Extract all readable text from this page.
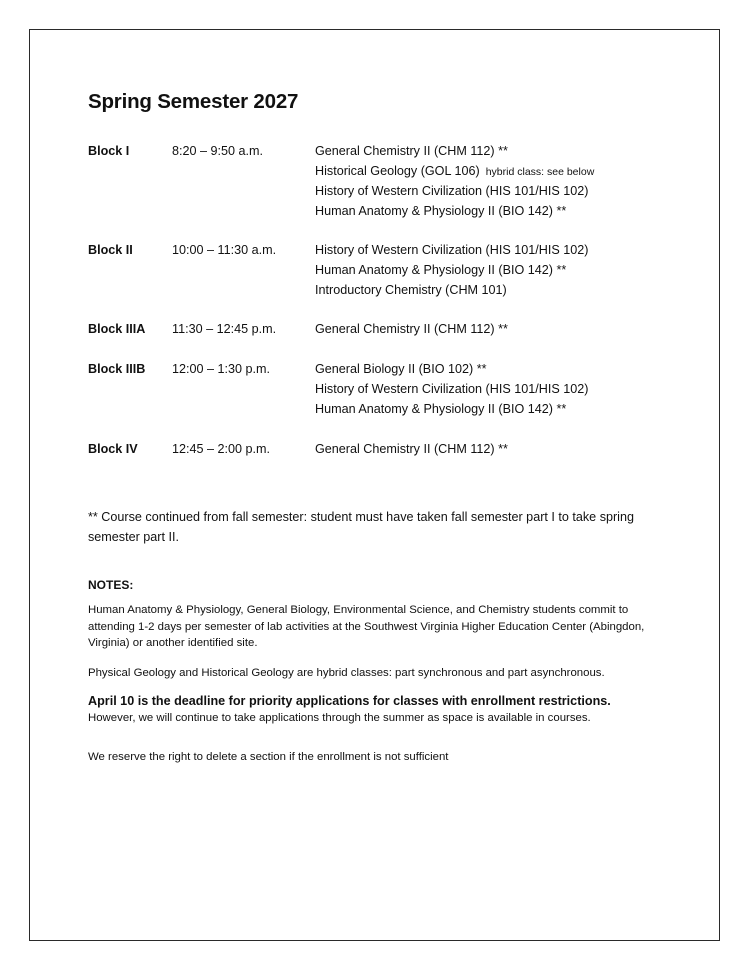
Spring Semester 2027
Block I	8:20 – 9:50 a.m.	General Chemistry II (CHM 112) **
Historical Geology (GOL 106) hybrid class: see below
History of Western Civilization (HIS 101/HIS 102)
Human Anatomy & Physiology II (BIO 142) **
Block II	10:00 – 11:30 a.m.	History of Western Civilization (HIS 101/HIS 102)
Human Anatomy & Physiology II (BIO 142) **
Introductory Chemistry (CHM 101)
Block IIIA 11:30 – 12:45 p.m.	General Chemistry II (CHM 112) **
Block IIIB 12:00 – 1:30 p.m.	General Biology II (BIO 102) **
History of Western Civilization (HIS 101/HIS 102)
Human Anatomy & Physiology II (BIO 142) **
Block IV	12:45 – 2:00 p.m.	General Chemistry II (CHM 112) **

** Course continued from fall semester: student must have taken fall semester part I to take spring semester part II.

NOTES:

Human Anatomy & Physiology, General Biology, Environmental Science, and Chemistry students commit to attending 1-2 days per semester of lab activities at the Southwest Virginia Higher Education Center (Abingdon, Virginia) or another identified site.

Physical Geology and Historical Geology are hybrid classes: part synchronous and part asynchronous.

April 10 is the deadline for priority applications for classes with enrollment restrictions.

However, we will continue to take applications through the summer as space is available in courses.

We reserve the right to delete a section if the enrollment is not sufficient
